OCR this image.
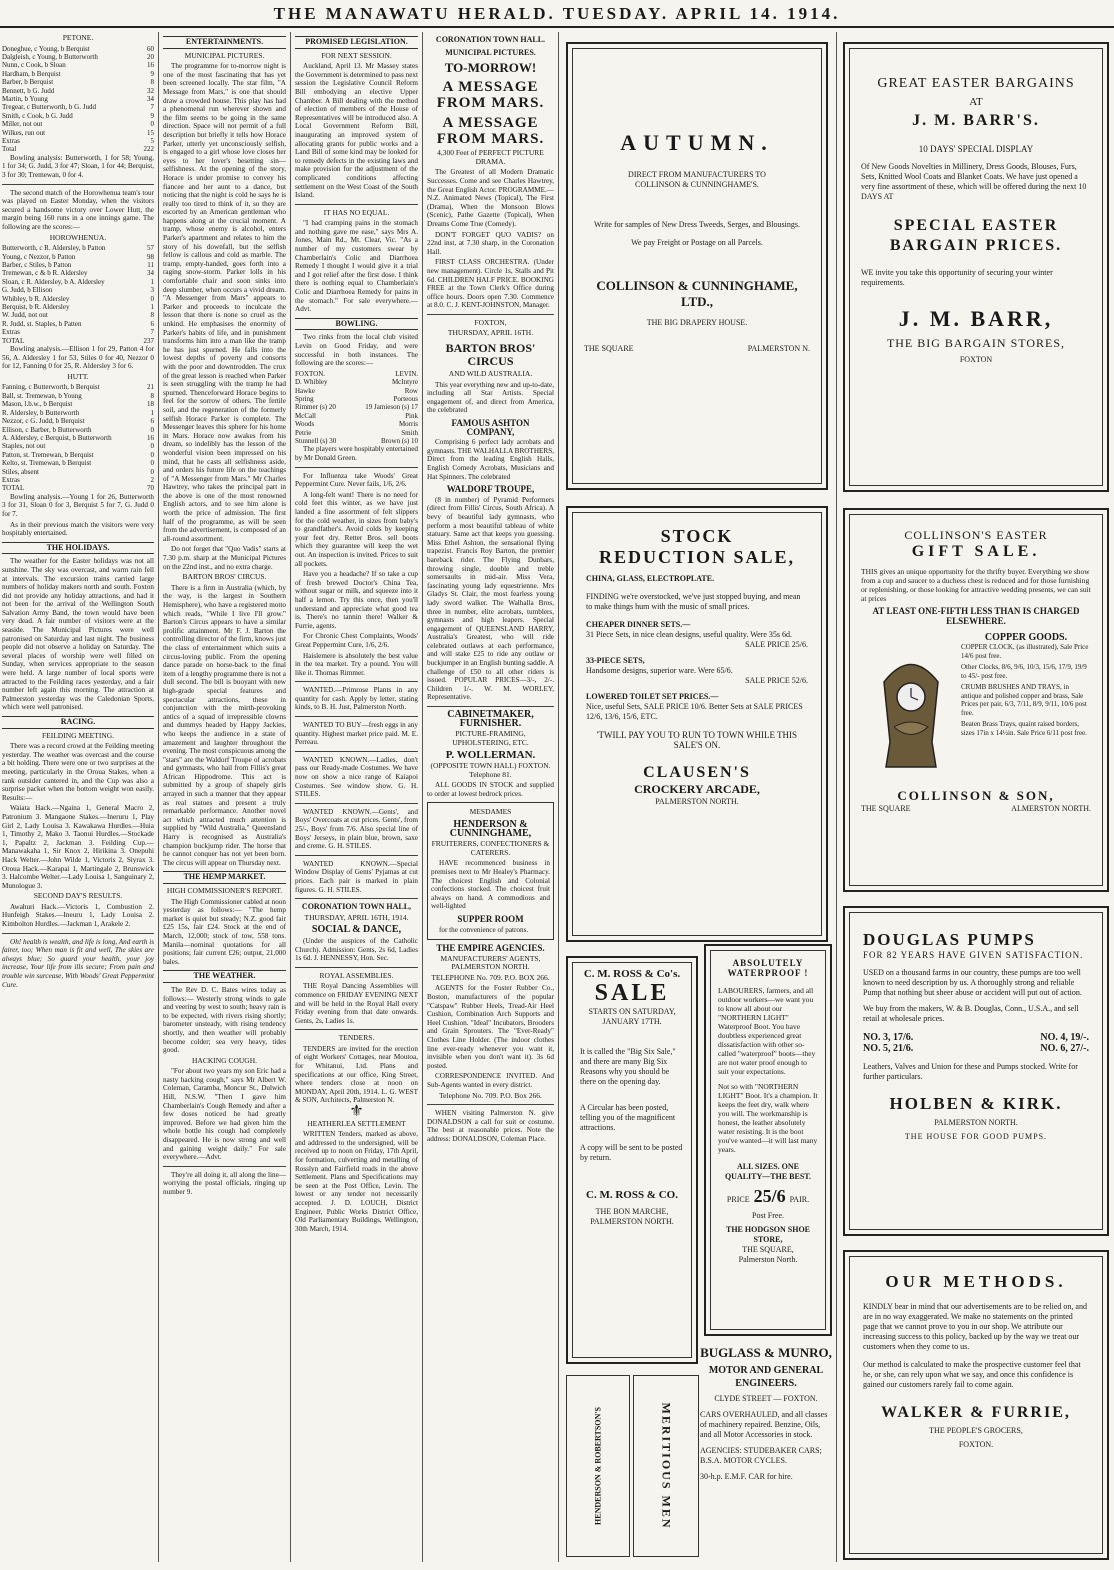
THE MANAWATU HERALD. TUESDAY. APRIL 14. 1914.
PETONE.
Doneghue, c Young, b Berquist	60
Dalgleish, c Young, b Butterworth	20
Nunn, c Cook, b Sloan	16
Hardham, b Berquist	9
Barber, b Berquist	8
Bennett, b G. Judd	32
Martin, b Young	34
Tregear, c Butterworth, b G. Judd	7
Smith, c Cook, b G. Judd	9
Miller, not out	0
Wilkes, run out	15
Extras	5
Total	222

Bowling analysis: Butterworth, 1 for 58; Young, 1 for 34; G. Judd, 3 for 47; Sloan, 1 for 44; Berquist, 3 for 30; Tremewan, 0 for 4.

The second match of the Horowhenua team's tour was played on Easter Monday, when the visitors secured a handsome victory over Lower Hutt, the margin being 160 runs in a one innings game. The following are the scores:—

HOROWHENUA.
Butterworth, c R. Aldersley, b Patton	57
Young, c Nezzor, b Patton	98
Barber, c Stiles, b Patton	11
Tremewan, c & b R. Aldersley	34
Sloan, c R. Aldersley, b A. Aldersley	1
G. Judd, b Ellison	3
Whibley, b R. Aldersley	0
Berquist, b R. Aldersley	1
W. Judd, not out	8
R. Judd, st. Staples, b Patten	6
Extras	7
TOTAL	237

Bowling analysis.—Ellison 1 for 29, Patton 4 for 56, A. Aldersley 1 for 53, Stiles 0 for 40, Nezzor 0 for 12, Fanning 0 for 25, R. Aldersley 3 for 6.

HUTT.
Fanning, c Butterworth, b Berquist	21
Ball, st. Tremewan, b Young	8
Mason, l.b.w., b Berquist	18
R. Aldersley, b Butterworth	1
Nezzor, c G. Judd, b Berquist	6
Ellison, c Barber, b Butterworth	0
A. Aldersley, c Berquist, b Butterworth	16
Staples, not out	0
Patton, st. Tremewan, b Berquist	0
Kelto, st. Tremewan, b Berquist	0
Stiles, absent	0
Extras	2
TOTAL	70

Bowling analysis.—Young 1 for 26, Butterworth 3 for 31, Sloan 0 for 3, Berquist 5 for 7, G. Judd 0 for 7.

As in their previous match the visitors were very hospitably entertained.

THE HOLIDAYS.

The weather for the Easter holidays was not all sunshine. The sky was overcast, and warm rain fell at intervals. The excursion trains carried large numbers of holiday makers north and south. Foxton did not provide any holiday attractions, and had it not been for the arrival of the Wellington South Salvation Army Band, the town would have been very dead. A fair number of visitors were at the seaside. The Municipal Pictures were well patronised on Saturday and last night. The business people did not observe a holiday on Saturday. The several places of worship were well filled on Sunday, when services appropriate to the season were held. A large number of local sports were attracted to the Feilding races yesterday, and a fair number left again this morning. The attraction at Palmerston yesterday was the Caledonian Sports, which were well patronised.

RACING.
FEILDING MEETING.

There was a record crowd at the Feilding meeting yesterday. The weather was overcast and the course a bit holding. There were one or two surprises at the meeting, particularly in the Oroua Stakes, when a rank outsider cantered in, and the Cup was also a surprise packet when the bottom weight won easily. Results:—

Waiata Hack.—Ngaina 1, General Macro 2, Patronium 3. Mangaone Stakes.—Ineruru 1, Play Girl 2, Lady Louisa 3. Kawakawa Hurdles.—Huia 1, Timothy 2, Mako 3. Taonui Hurdles.—Stockade 1, Papaltz 2, Jackman 3. Feilding Cup.—Manawakaha 1, Sir Knox 2, Hirikina 3. Onepuhi Hack Welter.—John Wilde 1, Victoris 2, Siyrax 3. Oroua Hack.—Karapai 1, Martingale 2, Brunswick 3. Halcombe Welter.—Lady Louisa 1, Sanguinary 2, Munologue 3.

SECOND DAY'S RESULTS.

Awahuri Hack.—Victoris 1, Combustion 2. Hunfeigh Stakes.—Ineuru 1, Lady Louisa 2. Kimbolton Hurdles.—Jackman 1, Arakele 2.

Oh! health is wealth, and life is long, And earth is fairer, too; When man is fit and well, The skies are always blue; So guard your health, your joy increase, Your life from ills secure; From pain and trouble win surcease, With Woods' Great Peppermint Cure.

ENTERTAINMENTS.
MUNICIPAL PICTURES.

The programme for to-morrow night is one of the most fascinating that has yet been screened locally. The star film, "A Message from Mars," is one that should draw a crowded house. This play has had a phenomenal run wherever shown and the film seems to be going in the same direction. Space will not permit of a full description but briefly it tells how Horace Parker, utterly yet unconsciously selfish, is engaged to a girl whose love closes her eyes to her lover's besetting sin—selfishness. At the opening of the story, Horace is under promise to convey his fiancee and her aunt to a dance, but noticing that the night is cold he says he is really too tired to think of it, so they are escorted by an American gentleman who happens along at the crucial moment. A tramp, whose enemy is alcohol, enters Parker's apartment and relates to him the story of his downfall, but the selfish fellow is callous and cold as marble. The tramp, empty-handed, goes forth into a raging snow-storm. Parker lolls in his comfortable chair and soon sinks into deep slumber, when occurs a vivid dream. "A Messenger from Mars" appears to Parker and proceeds to inculcate the lesson that there is none so cruel as the unkind. He emphasises the enormity of Parker's habits of life, and in punishment transforms him into a man like the tramp he has just spurned. He falls into the lowest depths of poverty and consorts with the poor and downtrodden. The crux of the great lesson is reached when Parker is seen struggling with the tramp he had spurned. Thenceforward Horace begins to feel for the sorrow of others. The fertile soil, and the regeneration of the formerly selfish Horace Parker is complete. The Messenger leaves this sphere for his home in Mars. Horace now awakes from his dream, so indelibly has the lesson of the wonderful vision been impressed on his mind, that he casts all selfishness aside, and orders his future life on the teachings of "A Messenger from Mars." Mr Charles Hawtrey, who takes the principal part in the above is one of the most renowned English actors, and to see him alone is worth the price of admission. The first half of the programme, as will be seen from the advertisement, is composed of an all-round assortment.

Do not forget that "Quo Vadis" starts at 7.30 p.m. sharp at the Municipal Pictures on the 22nd inst., and no extra charge.

BARTON BROS' CIRCUS.

There is a firm in Australia (which, by the way, is the largest in Southern Hemisphere), who have a registered motto which reads, "While I live I'll grow." Barton's Circus appears to have a similar prolific attainment. Mr F. J. Barton the controlling director of the firm, knows just the class of entertainment which suits a circus-loving public. From the opening dance parade on horse-back to the final item of a lengthy programme there is not a dull second. The bill is buoyant with new high-grade special features and spectacular attractions, these in conjunction with the mirth-provoking antics of a squad of irrepressible clowns and dummys headed by Happy Jackies, who keeps the audience in a state of amazement and laughter throughout the evening. The most conspicuous among the "stars" are the Waldorf Troupe of acrobats and gymnasts, who hail from Fillis's great African Hippodrome. This act is submitted by a group of shapely girls arrayed in such a manner that they appear as real statues and present a truly remarkable performance. Another novel act which attracted much attention is supplied by "Wild Australia," Queensland Harry is recognised as Australia's champion buckjump rider. The horse that he cannot conquer has not yet been born. The circus will appear on Thursday next.

THE HEMP MARKET.
HIGH COMMISSIONER'S REPORT.

The High Commissioner cabled at noon yesterday as follows:— "The hemp market is quiet but steady; N.Z. good fair £25 15s, fair £24. Stock at the end of March, 12,000; stock of tow, 558 tons. Manila—nominal quotations for all positions; fair current £26; output, 21,000 bales.

THE WEATHER.

The Rev D. C. Bates wires today as follows:— Westerly strong winds to gale and veering by west to south; heavy rain is to be expected, with rivers rising shortly; barometer unsteady, with rising tendency shortly, and then weather will probably become colder; sea very heavy, tides good.

HACKING COUGH.

"For about two years my son Eric had a nasty hacking cough," says Mr Albert W. Coleman, Caramba, Moncur St., Dulwich Hill, N.S.W. "Then I gave him Chamberlain's Cough Remedy and after a few doses noticed he had greatly improved. Before we had given him the whole bottle his cough had completely disappeared. He is now strong and well and gaining weight daily." For sale everywhere.—Advt.

They're all doing it, all along the line—worrying the postal officials, ringing up number 9.

PROMISED LEGISLATION.
FOR NEXT SESSION.

Auckland, April 13. Mr Massey states the Government is determined to pass next session the Legislative Council Reform Bill embodying an elective Upper Chamber. A Bill dealing with the method of election of members of the House of Representatives will be introduced also. A Local Government Reform Bill, inaugurating an improved system of allocating grants for public works and a Land Bill of some kind may be looked for to remedy defects in the existing laws and make provision for the adjustment of the complicated conditions affecting settlement on the West Coast of the South Island.

IT HAS NO EQUAL.

"I had cramping pains in the stomach and nothing gave me ease," says Mrs A. Jones, Main Rd., Mt. Clear, Vic. "As a number of my customers swear by Chamberlain's Colic and Diarrhoea Remedy I thought I would give it a trial and I got relief after the first dose. I think there is nothing equal to Chamberlain's Colic and Diarrhoea Remedy for pains in the stomach." For sale everywhere.—Advt.

BOWLING.

Two rinks from the local club visited Levin on Good Friday, and were successful in both instances. The following are the scores:—

FOXTON.	LEVIN.
D. Whibley	McIntyre
Hawke	Row
Spring	Porteous
Rimmer (s) 20	19 Jamieson (s) 17
McCall	Pink
Woods	Morris
Petrie	Smith
Stunnell (s) 30	Brown (s) 10

The players were hospitably entertained by Mr Donald Green.

For Influenza take Woods' Great Peppermint Cure. Never fails, 1/6, 2/6.

A long-felt want! There is no need for cold feet this winter, as we have just landed a fine assortment of felt slippers for the cold weather, in sizes from baby's to grandfather's. Avoid colds by keeping your feet dry. Retter Bros. sell boots which they guarantee will keep the wet out. An inspection is invited. Prices to suit all pockets.

Have you a headache? If so take a cup of fresh brewed Doctor's China Tea, without sugar or milk, and squeeze into it half a lemon. Try this once, then you'll understand and appreciate what good tea is. There's no tannin there! Walker & Furrie, agents.

For Chronic Chest Complaints, Woods' Great Peppermint Cure, 1/6, 2/6.

Haislemere is absolutely the best value in the tea market. Try a pound. You will like it. Thomas Rimmer.

WANTED.—Primrose Plants in any quantity for cash. Apply by letter, stating kinds, to B. H. Just, Palmerston North.

WANTED TO BUY—fresh eggs in any quantity. Highest market price paid. M. E. Perreau.

WANTED KNOWN.—Ladies, don't pass our Ready-made Costumes. We have now on show a nice range of Kaiapoi Costumes. See window show. G. H. STILES.

WANTED KNOWN.—Gents', and Boys' Overcoats at cut prices. Gents', from 25/-, Boys' from 7/6. Also special line of Boys' Jerseys, in plain blue, brown, saxe and creme. G. H. STILES.

WANTED KNOWN.—Special Window Display of Gents' Pyjamas at cut prices. Each pair is marked in plain figures. G. H. STILES.

CORONATION TOWN HALL,
THURSDAY, APRIL 16TH, 1914.
SOCIAL & DANCE,

(Under the auspices of the Catholic Church). Admission: Gents, 2s 6d, Ladies 1s 6d. J. HENNESSY, Hon. Sec.

ROYAL ASSEMBLIES.

THE Royal Dancing Assemblies will commence on FRIDAY EVENING NEXT and will be held in the Royal Hall every Friday evening from that date onwards. Gents, 2s, Ladies 1s.

TENDERS.

TENDERS are invited for the erection of eight Workers' Cottages, near Moutoa, for Whitanui, Ltd. Plans and specifications at our office, King Street, where tenders close at noon on MONDAY, April 20th, 1914. L. G. WEST & SON, Architects, Palmerston N.

⚜
HEATHERLEA SETTLEMENT

WRITTEN Tenders, marked as above, and addressed to the undersigned, will be received up to noon on Friday, 17th April, for formation, culverting and metalling of Rosslyn and Fairfield roads in the above Settlement. Plans and Specifications may be seen at the Post Office, Levin. The lowest or any tender not necessarily accepted. J. D. LOUCH, District Engineer, Public Works District Office, Old Parliamentary Buildings, Wellington, 30th March, 1914.

CORONATION TOWN HALL.
MUNICIPAL PICTURES.
TO-MORROW!
A MESSAGE FROM MARS.
A MESSAGE FROM MARS.
4,300 Feet of PERFECT PICTURE DRAMA.

The Greatest of all Modern Dramatic Successes. Come and see Charles Hawtrey, the Great English Actor. PROGRAMME.—N.Z. Animated News (Topical), The First (Drama), When the Monsoon Blows (Scenic), Pathe Gazette (Topical), When Dreams Come True (Comedy).

DON'T FORGET QUO VADIS? on 22nd inst, at 7.30 sharp, in the Coronation Hall.

FIRST CLASS ORCHESTRA. (Under new management). Circle 1s, Stalls and Pit 6d. CHILDREN HALF PRICE. BOOKING FREE at the Town Clerk's Office during office hours. Doors open 7.30. Commence at 8.0. C. J. KENT-JOHNSTON, Manager.

FOXTON,
THURSDAY, APRIL 16TH.
BARTON BROS' CIRCUS
AND WILD AUSTRALIA.

This year everything new and up-to-date, including all Star Artists. Special engagement of, and direct from America, the celebrated

FAMOUS ASHTON COMPANY,

Comprising 6 perfect lady acrobats and gymnasts. THE WALHALLA BROTHERS, Direct from the leading English Halls, English Comedy Acrobats, Musicians and Hat Spinners. The celebrated

WALDORF TROUPE,

(8 in number) of Pyramid Performers (direct from Fillis' Circus, South Africa). A bevy of beautiful lady gymnasts, who perform a most beautiful tableau of white statuary. Same act that keeps you guessing. Miss Ethel Ashton, the sensational flying trapezist. Francis Roy Barton, the premier bareback rider. The Flying Dunbars, throwing single, double and treble somersaults in mid-air. Miss Vera, fascinating young lady equestrienne. Mrs Gladys St. Clair, the most fearless young lady sword walker. The Walhalla Bros, three in number, elite acrobats, tumblers, gymnasts and high leapers. Special engagement of QUEENSLAND HARRY, Australia's Greatest, who will ride celebrated outlaws at each performance, and will stake £25 to ride any outlaw or buckjumper in an English bunting saddle. A challenge of £50 to all other riders is issued. POPULAR PRICES—3/-, 2/-. Children 1/-. W. M. WORLEY, Representative.

CABINETMAKER, FURNISHER.
PICTURE-FRAMING, UPHOLSTERING, ETC.
P. WOLLERMAN.
(OPPOSITE TOWN HALL) FOXTON. Telephone 81.

ALL GOODS IN STOCK and supplied to order at lowest bedrock prices.

MESDAMES
HENDERSON & CUNNINGHAME,
FRUITERERS, CONFECTIONERS & CATERERS.

HAVE recommenced business in premises next to Mr Healey's Pharmacy. The choicest English and Colonial confections stocked. The choicest fruit always on hand. A commodious and well-lighted

SUPPER ROOM

for the convenience of patrons.

THE EMPIRE AGENCIES.
MANUFACTURERS' AGENTS, PALMERSTON NORTH.
TELEPHONE No. 709. P.O. BOX 266.

AGENTS for the Foster Rubber Co., Boston, manufacturers of the popular "Catspaw" Rubber Heels, Tread-Air Heel Cushion, Combination Arch Supports and Heel Cushion. "Ideal" Incubators, Brooders and Grain Sprouters. The "Ever-Ready" Clothes Line Holder. (The indoor clothes line ever-ready whenever you want it, invisible when you don't want it). 3s 6d posted.

CORRESPONDENCE INVITED. And Sub-Agents wanted in every district.

Telephone No. 709. P.O. Box 266.

WHEN visiting Palmerston N. give DONALDSON a call for suit or costume. The best at reasonable prices. Note the address: DONALDSON, Coleman Place.

AUTUMN.
DIRECT FROM MANUFACTURERS TO
COLLINSON & CUNNINGHAME'S.
Write for samples of New Dress Tweeds, Serges, and Blousings.
We pay Freight or Postage on all Parcels.
COLLINSON & CUNNINGHAME, LTD.,
THE BIG DRAPERY HOUSE.
THE SQUARE	PALMERSTON N.
STOCK
REDUCTION SALE,
CHINA, GLASS, ELECTROPLATE.
FINDING we're overstocked, we've just stopped buying, and mean to make things hum with the music of small prices.
CHEAPER DINNER SETS.—
31 Piece Sets, in nice clean designs, useful quality. Were 35s 6d.
SALE PRICE 25/6.
33-PIECE SETS,
Handsome designs, superior ware. Were 65/6.
SALE PRICE 52/6.
LOWERED TOILET SET PRICES.—
Nice, useful Sets, SALE PRICE 10/6. Better Sets at SALE PRICES 12/6, 13/6, 15/6, ETC.
'TWILL PAY YOU TO RUN TO TOWN WHILE THIS SALE'S ON.
CLAUSEN'S
CROCKERY ARCADE,
PALMERSTON NORTH.
C. M. ROSS & Co's.
SALE
STARTS ON SATURDAY, JANUARY 17TH.
It is called the "Big Six Sale," and there are many Big Six Reasons why you should be there on the opening day.
A Circular has been posted, telling you of the magnificent attractions.
A copy will be sent to be posted by return.
C. M. ROSS & CO.
THE BON MARCHE,
PALMERSTON NORTH.
HENDERSON & ROBERTSON'S	MERITIOUS MEN
ABSOLUTELY WATERPROOF !
LABOURERS, farmers, and all outdoor workers—we want you to know all about our "NORTHERN LIGHT" Waterproof Boot. You have doubtless experienced great dissatisfaction with other so-called "waterproof" boots—they are not water proof enough to suit your expectations.
Not so with "NORTHERN LIGHT" Boot. It's a champion. It keeps the feet dry, walk where you will. The workmanship is honest, the leather absolutely water resisting. It is the boot you've wanted—it will last many years.
ALL SIZES. ONE QUALITY—THE BEST.
PRICE 25/6 PAIR.
Post Free.
THE HODGSON SHOE STORE,
THE SQUARE,
Palmerston North.
BUGLASS & MUNRO,
MOTOR AND GENERAL ENGINEERS.
CLYDE STREET — FOXTON.
CARS OVERHAULED, and all classes of machinery repaired. Benzine, Oils, and all Motor Accessories in stock.
AGENCIES: STUDEBAKER CARS; B.S.A. MOTOR CYCLES.
30-h.p. E.M.F. CAR for hire.
GREAT EASTER BARGAINS
AT
J. M. BARR'S.
10 DAYS' SPECIAL DISPLAY
Of New Goods Novelties in Millinery, Dress Goods, Blouses, Furs, Sets, Knitted Wool Coats and Blanket Coats. We have just opened a very fine assortment of these, which will be offered during the next 10 DAYS AT
SPECIAL EASTER BARGAIN PRICES.
WE invite you take this opportunity of securing your winter requirements.
J. M. BARR,
THE BIG BARGAIN STORES,
FOXTON
COLLINSON'S EASTER
GIFT SALE.
THIS gives an unique opportunity for the thrifty buyer. Everything we show from a cup and saucer to a duchess chest is reduced and for those furnishing or replenishing, or those looking for attractive wedding presents, we can suit at prices
AT LEAST ONE-FIFTH LESS THAN IS CHARGED ELSEWHERE.
COPPER GOODS.
COPPER CLOCK, (as illustrated), Sale Price 14/6 post free.
Other Clocks, 8/6, 9/6, 10/3, 15/6, 17/9, 19/9 to 45/- post free.
CRUMB BRUSHES AND TRAYS, in antique and polished copper and brass, Sale Prices per pair, 6/3, 7/11, 8/9, 9/11, 10/6 post free.
Beaten Brass Trays, quaint raised borders, sizes 17in x 14½in. Sale Price 6/11 post free.
COLLINSON & SON,
THE SQUARE	ALMERSTON NORTH.
DOUGLAS PUMPS
FOR 82 YEARS HAVE GIVEN SATISFACTION.
USED on a thousand farms in our country, these pumps are too well known to need description by us. A thoroughly strong and reliable Pump that nothing but sheer abuse or accident will put out of action.
We buy from the makers, W. & B. Douglas, Conn., U.S.A., and sell retail at wholesale prices.
NO. 3, 17/6.	NO. 4, 19/-.
NO. 5, 21/6.	NO. 6, 27/-.
Leathers, Valves and Union for these and Pumps stocked. Write for further particulars.
HOLBEN & KIRK.
PALMERSTON NORTH.
THE HOUSE FOR GOOD PUMPS.
OUR METHODS.
KINDLY bear in mind that our advertisements are to be relied on, and are in no way exaggerated. We make no statements on the printed page that we cannot prove to you in our shop. We attribute our increasing success to this policy, backed up by the way we treat our customers when they come to us.
Our method is calculated to make the prospective customer feel that he, or she, can rely upon what we say, and once this confidence is gained our customers rarely fail to come again.
WALKER & FURRIE,
THE PEOPLE'S GROCERS,
FOXTON.
